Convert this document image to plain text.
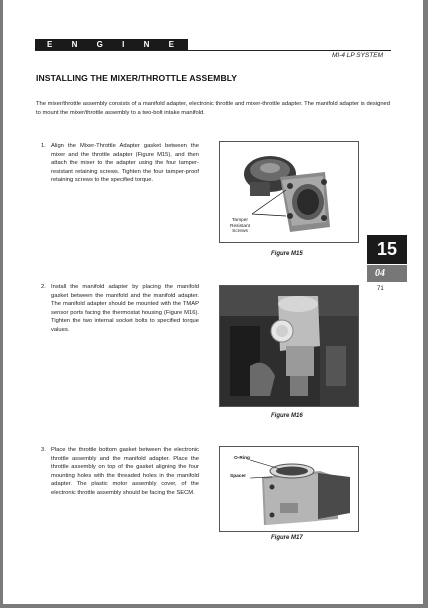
E N G I N E
MI-4 LP SYSTEM
INSTALLING THE MIXER/THROTTLE ASSEMBLY
The mixer/throttle assembly consists of a manifold adapter, electronic throttle and mixer-throttle adapter. The manifold adapter is designed to mount the mixer/throttle assembly to a two-bolt intake manifold.
1. Align the Mixer-Throttle Adapter gasket between the mixer and the throttle adapter (Figure M15), and then attach the mixer to the adapter using the four tamper-resistant retaining screws. Tighten the four tamper-proof retaining screws to the specified torque.
Tamper
Resistant
Screws
Figure M15
2. Install the manifold adapter by placing the manifold gasket between the manifold and the manifold adapter. The manifold adapter should be mounted with the TMAP sensor ports facing the thermostat housing (Figure M16). Tighten the two internal socket bolts to specified torque values.
Figure M16
3. Place the throttle bottom gasket between the electronic throttle assembly and the manifold adapter. Place the throttle assembly on top of the gasket aligning the four mounting holes with the threaded holes in the manifold adapter. The plastic motor assembly cover, of the electronic throttle assembly should be facing the SECM.
O-Ring
Spacer
Figure M17
15
04
71
